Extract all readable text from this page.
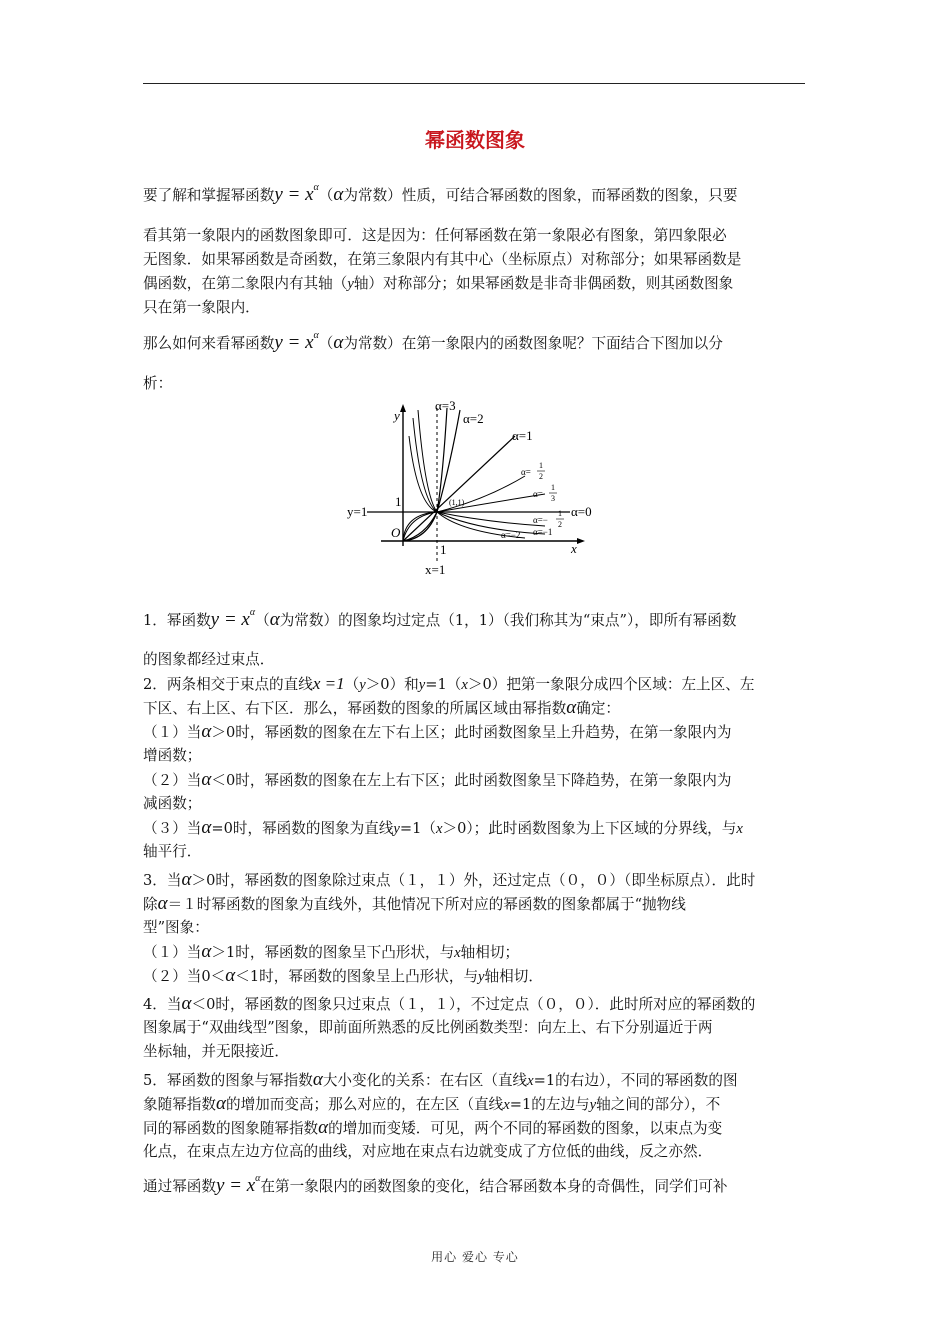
幂函数图象
要了解和掌握幂函数$y = x^\alpha(\alpha$为常数）性质，可结合幂函数的图象，而幂函数的图象，只要
看其第一象限内的函数图象即可．这是因为：任何幂函数在第一象限必有图象，第四象限必
无图象．如果幂函数是奇函数，在第三象限内有其中心（坐标原点）对称部分；如果幂函数是
偶函数，在第二象限内有其轴（y轴）对称部分；如果幂函数是非奇非偶函数，则其函数图象
只在第一象限内．
那么如何来看幂函数$y = x^\alpha(\alpha$为常数）在第一象限内的函数图象呢？下面结合下图加以分
析：
y
x
O
1
1
y=1
x=1
(1,1)
α=3
α=2
α=1
α=
1
2
α=
1
3
α=0
α=−
1
2
α=−1
α=−2
1．幂函数$y = x^\alpha(\alpha$为常数）的图象均过定点（1，1）（我们称其为“束点”），即所有幂函数
的图象都经过束点．
2．两条相交于束点的直线x =1（y＞0）和y=1（x＞0）把第一象限分成四个区域：左上区、左
下区、右上区、右下区．那么，幂函数的图象的所属区域由幂指数α确定：
（１）当α＞0时，幂函数的图象在左下右上区；此时函数图象呈上升趋势，在第一象限内为
增函数；
（２）当α＜0时，幂函数的图象在左上右下区；此时函数图象呈下降趋势，在第一象限内为
减函数；
（３）当α=0时，幂函数的图象为直线y=1（x＞0）；此时函数图象为上下区域的分界线，与x
轴平行．
3．当α＞0时，幂函数的图象除过束点（１，１）外，还过定点（０，０）（即坐标原点）．此时
除α＝１时幂函数的图象为直线外，其他情况下所对应的幂函数的图象都属于“抛物线
型”图象：
（１）当α＞1时，幂函数的图象呈下凸形状，与x轴相切；
（２）当0＜α＜1时，幂函数的图象呈上凸形状，与y轴相切．
4．当α＜0时，幂函数的图象只过束点（１，１），不过定点（０，０）．此时所对应的幂函数的
图象属于“双曲线型”图象，即前面所熟悉的反比例函数类型：向左上、右下分别逼近于两
坐标轴，并无限接近．
5．幂函数的图象与幂指数α大小变化的关系：在右区（直线x=1的右边），不同的幂函数的图
象随幂指数α的增加而变高；那么对应的，在左区（直线x=1的左边与y轴之间的部分），不
同的幂函数的图象随幂指数α的增加而变矮．可见，两个不同的幂函数的图象，以束点为变
化点，在束点左边方位高的曲线，对应地在束点右边就变成了方位低的曲线，反之亦然．
通过幂函数$y = x^\alpha$在第一象限内的函数图象的变化，结合幂函数本身的奇偶性，同学们可补
用心 爱心 专心
